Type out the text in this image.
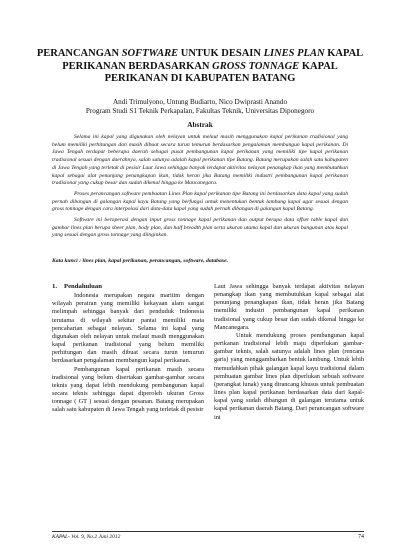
PERANCANGAN SOFTWARE UNTUK DESAIN LINES PLAN KAPAL
PERIKANAN BERDASARKAN GROSS TONNAGE KAPAL
PERIKANAN DI KABUPATEN BATANG
Andi Trimulyono, Untung Budiarto, Nico Dwiprasti Anando
Program Studi S1 Teknik Perkapalan, Fakultas Teknik, Universitas Diponegoro
Abstrak

Selama ini kapal yang digunakan oleh nelayan untuk melaut masih menggunakan kapal perikanan tradisional yang belum memiliki perhitungan dan masih dibuat secara turun temurun berdasarkan pengalaman membangun kapal perikanan. Di Jawa Tengah terdapat beberapa daerah sebagai pusat pembangunan kapal perikanan yang memiliki tipe kapal perikanan tradisional sesuai dengan daerahnya, salah satunya adalah kapal perikanan tipe Batang. Batang merupakan salah satu kabupaten di Jawa Tengah yang terletak di pesisir Laut Jawa sehingga banyak terdapat aktivitas nelayan penangkap ikan yang membutuhkan kapal sebagai alat penunjang penangkapan ikan, tidak heran jika Batang memiliki industri pembangunan kapal perikanan tradisional yang cukup besar dan sudah dikenal hingga ke Mancanegara.

Proses perancangan software pembuatan Lines Plan kapal perikanan tipe Batang ini berdasarkan data kapal yang sudah pernah dibangun di galangan kapal kayu Batang yang berfungsi untuk menentukan bentuk lambung kapal agar sesuai dengan gross tonnage dengan cara interpolasi dari data-data kapal yang sudah pernah dibangun di galangan kapal Batang.

Software ini beroperasi dengan input gross tonnage kapal perikanan dan output berupa data offset table kapal dan gambar lines plan berupa sheer plan, body plan, dan half breadth plan serta ukuran utama kapal dan ukuran bangunan atas kapal yang sesuai dengan gross tonnage yang diinginkan.

Kata kunci : lines plan, kapal perikanan, perancangan, software, database.
1. Pendahuluan

Indonesia merupakan negara maritim dengan wilayah perairan yang memiliki kekayaan alam sangat melimpah sehingga banyak dari penduduk Indonesia terutama di wilayah sekitar pantai memiliki mata pencaharian sebagai nelayan. Selama ini kapal yang digunakan oleh nelayan untuk melaut masih menggunakan kapal perikanan tradisional yang belum memiliki perhitungan dan masih dibuat secara turun temurun berdasarkan pengalaman membangun kapal perikanan.

Pembangunan kapal perikanan masih secara tradisional yang belum disertakan gambar-gambar secara teknis yang dapat lebih mendukung pembangunan kapal secara teknis sehingga dapat diperoleh ukuran Gross tonnage ( GT ) sesuai dengan pesanan. Batang merupakan salah satu kabupaten di Jawa Tengah yang terletak di pesisir

Laut Jawa sehingga banyak terdapat aktivitas nelayan penangkap ikan yang membutuhkan kapal sebagai alat penunjang penangkapan ikan, tidak heran jika Batang memiliki industri pembangunan kapal perikanan tradisional yang cukup besar dan sudah dikenal hingga ke Mancanegara.

Untuk mendukung proses pembangunan kapal perikanan tradisional lebih maju diperlukan gambar-gambar teknis, salah satunya adalah lines plan (rencana garis) yang menggambarkan bentuk lambung. Untuk lebih memudahkan pihak galangan kapal kayu tradisional dalam pembuatan gambar lines plan diperlukan sebuah software (perangkat lunak) yang dirancang khusus untuk pembuatan lines plan kapal perikanan berdasarkan data dari kapal-kapal yang sudah dibangun di galangan terutama untuk kapal perikanan daerah Batang. Dari perancangan software ini

KAPAL- Vol. 9, No.2 Juni 2012	74
